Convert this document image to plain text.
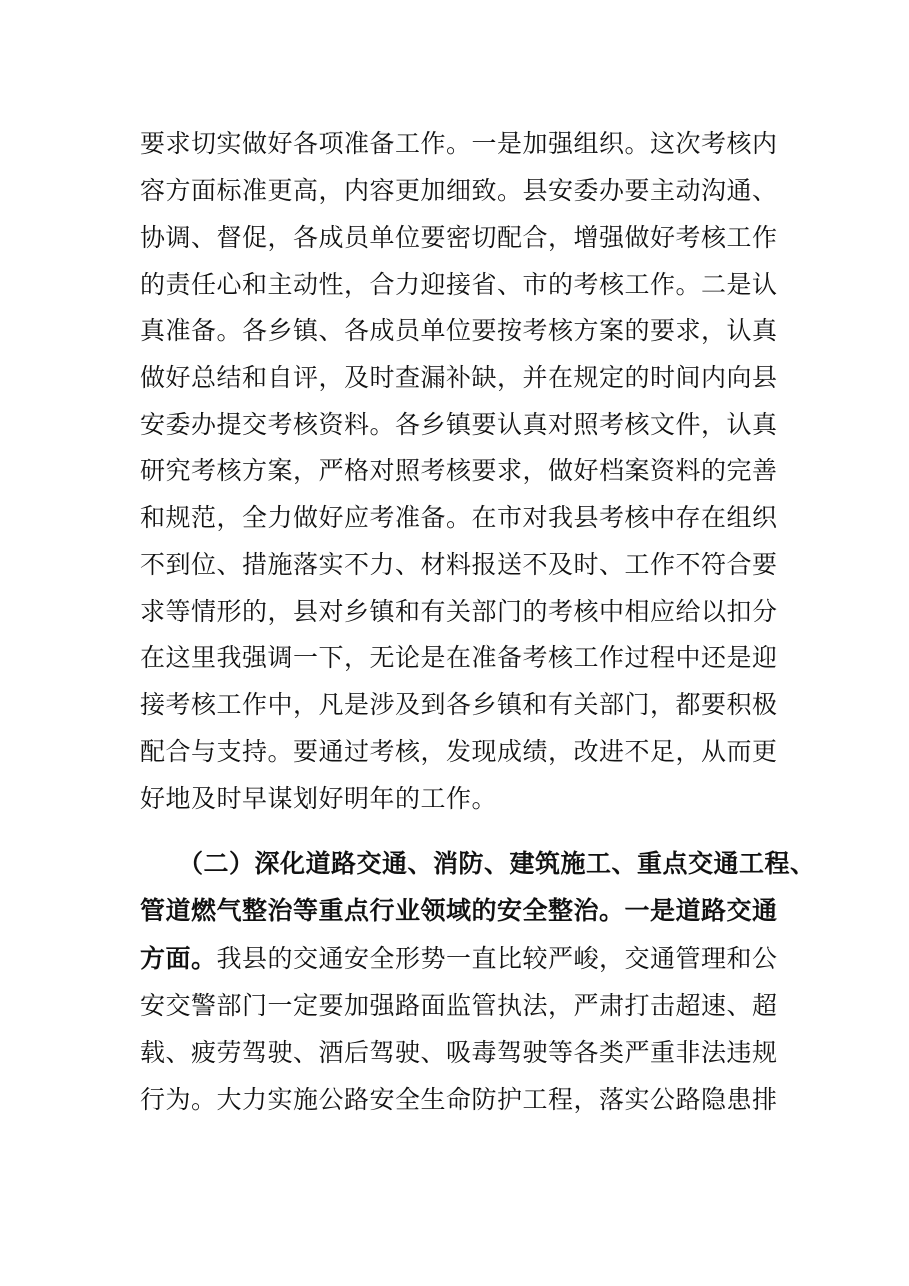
要求切实做好各项准备工作。一是加强组织。这次考核内
容方面标准更高，内容更加细致。县安委办要主动沟通、
协调、督促，各成员单位要密切配合，增强做好考核工作
的责任心和主动性，合力迎接省、市的考核工作。二是认
真准备。各乡镇、各成员单位要按考核方案的要求，认真
做好总结和自评，及时查漏补缺，并在规定的时间内向县
安委办提交考核资料。各乡镇要认真对照考核文件，认真
研究考核方案，严格对照考核要求，做好档案资料的完善
和规范，全力做好应考准备。在市对我县考核中存在组织
不到位、措施落实不力、材料报送不及时、工作不符合要
求等情形的，县对乡镇和有关部门的考核中相应给以扣分
在这里我强调一下，无论是在准备考核工作过程中还是迎
接考核工作中，凡是涉及到各乡镇和有关部门，都要积极
配合与支持。要通过考核，发现成绩，改进不足，从而更
好地及时早谋划好明年的工作。
（二）深化道路交通、消防、建筑施工、重点交通工程、
管道燃气整治等重点行业领域的安全整治。一是道路交通
方面。我县的交通安全形势一直比较严峻，交通管理和公
安交警部门一定要加强路面监管执法，严肃打击超速、超
载、疲劳驾驶、酒后驾驶、吸毒驾驶等各类严重非法违规
行为。大力实施公路安全生命防护工程，落实公路隐患排
